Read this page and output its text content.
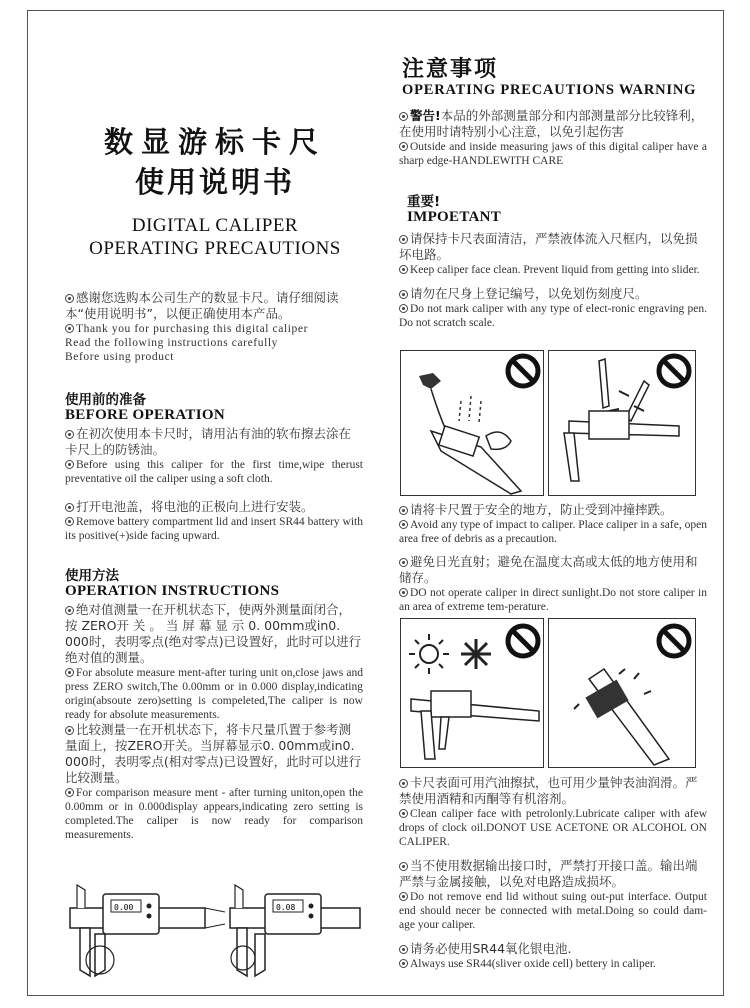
数显游标卡尺
使用说明书
DIGITAL CALIPER
OPERATING PRECAUTIONS
感谢您选购本公司生产的数显卡尺。请仔细阅读本“使用说明书”，以便正确使用本产品。
Thank you for purchasing this digital caliper
Read the following instructions carefully
Before using product
使用前的准备
BEFORE OPERATION
在初次使用本卡尺时，请用沾有油的软布擦去涂在卡尺上的防锈油。
Before using this caliper for the first time,wipe therust preventative oil the caliper using a soft cloth.
打开电池盖，将电池的正极向上进行安装。
Remove battery compartment lid and insert SR44 battery with its positive(+)side facing upward.
使用方法
OPERATION INSTRUCTIONS
绝对值测量一在开机状态下，使两外测量面闭合， 按 ZERO开 关 。 当 屏 幕 显 示 0. 00mm或in0. 000时，表明零点(绝对零点)已设置好，此时可以进行绝对值的测量。
For absolute measure ment-after turing unit on,close jaws and press ZERO switch,The 0.00mm or in 0.000 display,indicating origin(absoute zero)setting is compeleted,The caliper is now ready for absolute measurements.
比较测量一在开机状态下，将卡尺量爪置于参考测量面上，按ZERO开关。当屏幕显示0. 00mm或in0. 000时，表明零点(相对零点)已设置好，此时可以进行比较测量。
For comparison measure ment - after turning uniton,open the 0.00mm or in 0.000display appears,indicating zero setting is completed.The caliper is now ready for comparison measurements.
0.00	0.08
注意事项
OPERATING PRECAUTIONS WARNING
警告!本品的外部测量部分和内部测量部分比较锋利，在使用时请特别小心注意，以免引起伤害
Outside and inside measuring jaws of this digital caliper have a sharp edge-HANDLEWITH CARE
重要!
IMPOETANT
请保持卡尺表面清洁，严禁液体流入尺框内，以免损坏电路。
Keep caliper face clean. Prevent liquid from getting into slider.
请勿在尺身上登记编号，以免划伤刻度尺。
Do not mark caliper with any type of elect-ronic engraving pen. Do not scratch scale.
请将卡尺置于安全的地方，防止受到冲撞摔跌。
Avoid any type of impact to caliper. Place caliper in a safe, open area free of debris as a precaution.
避免日光直射；避免在温度太高或太低的地方使用和储存。
DO not operate caliper in direct sunlight.Do not store caliper in an area of extreme tem-perature.
卡尺表面可用汽油擦拭，也可用少量钟表油润滑。严禁使用酒精和丙酮等有机溶剂。
Clean caliper face with petrolonly.Lubricate caliper with afew drops of clock oil.DONOT USE ACETONE OR ALCOHOL ON CALIPER.
当不使用数据输出接口时，严禁打开接口盖。输出端严禁与金属接触，以免对电路造成损坏。
Do not remove end lid without suing out-put interface. Output end should necer be connected with metal.Doing so could dam-age your caliper.
请务必使用SR44氧化银电池.
Always use SR44(sliver oxide cell) bettery in caliper.
